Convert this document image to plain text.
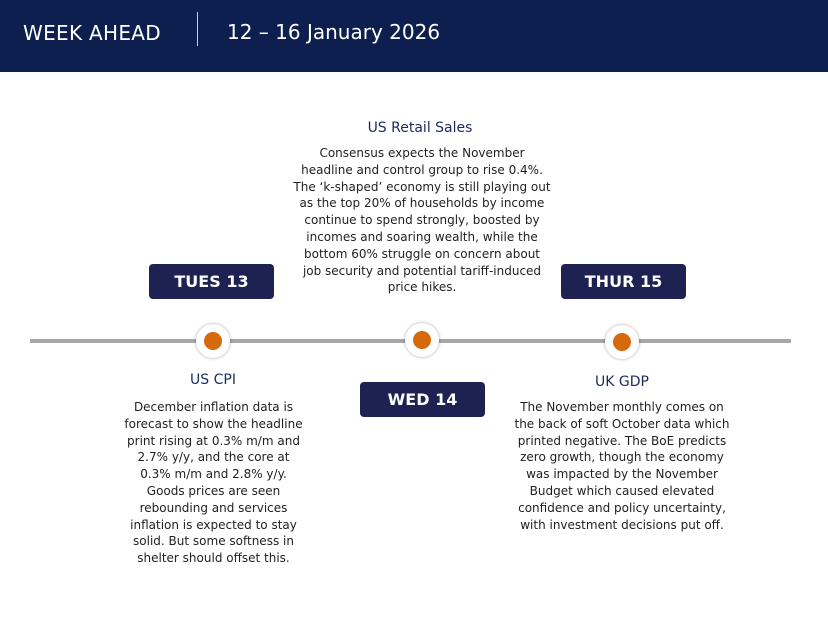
WEEK AHEAD	12 – 16 January 2026
TUES 13
WED 14
THUR 15
US CPI
December inflation data is forecast to show the headline print rising at 0.3% m/m and 2.7% y/y, and the core at 0.3% m/m and 2.8% y/y. Goods prices are seen rebounding and services inflation is expected to stay solid. But some softness in shelter should offset this.
US Retail Sales
Consensus expects the November headline and control group to rise 0.4%. The ‘k-shaped’ economy is still playing out as the top 20% of households by income continue to spend strongly, boosted by incomes and soaring wealth, while the bottom 60% struggle on concern about job security and potential tariff-induced price hikes.
UK GDP
The November monthly comes on the back of soft October data which printed negative. The BoE predicts zero growth, though the economy was impacted by the November Budget which caused elevated confidence and policy uncertainty, with investment decisions put off.
